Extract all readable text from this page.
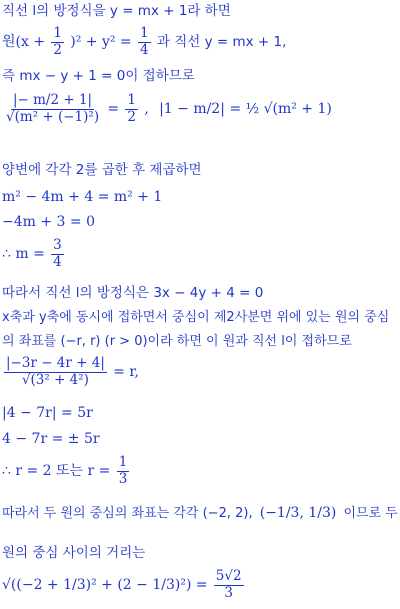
직선 l의 방정식을 y = mx + 1라 하면
원$(x + \frac{1}{2} )^2 + y^2 = \frac{1}{4}$ 과 직선 y = mx + 1,
즉 mx − y + 1 = 0이 접하므로
$\frac{|- m/2 + 1|}{\text{√(m² + (−1)²)}} = \frac{1}{2}$ , |1 − m/2| = ½ √(m² + 1)
양변에 각각 2를 곱한 후 제곱하면
m² − 4m + 4 = m² + 1
−4m + 3 = 0
∴ $m = \frac{3}{4}$
따라서 직선 l의 방정식은 3x − 4y + 4 = 0
x축과 y축에 동시에 접하면서 중심이 제2사분면 위에 있는 원의 중심
의 좌표를 (−r, r) (r > 0)이라 하면 이 원과 직선 l이 접하므로
$\frac{|-3r - 4r + 4|}{\text{√(3² + 4²)}} = r$,
|4 − 7r| = 5r
4 − 7r = ± 5r
∴ r = 2 또는 $r = \frac{1}{3}$
따라서 두 원의 중심의 좌표는 각각 (−2, 2), (−1/3, 1/3) 이므로 두
원의 중심 사이의 거리는
$√((-2 + 1/3)^2 + (2 - 1/3)^2) = \frac{5√2}{3}$
